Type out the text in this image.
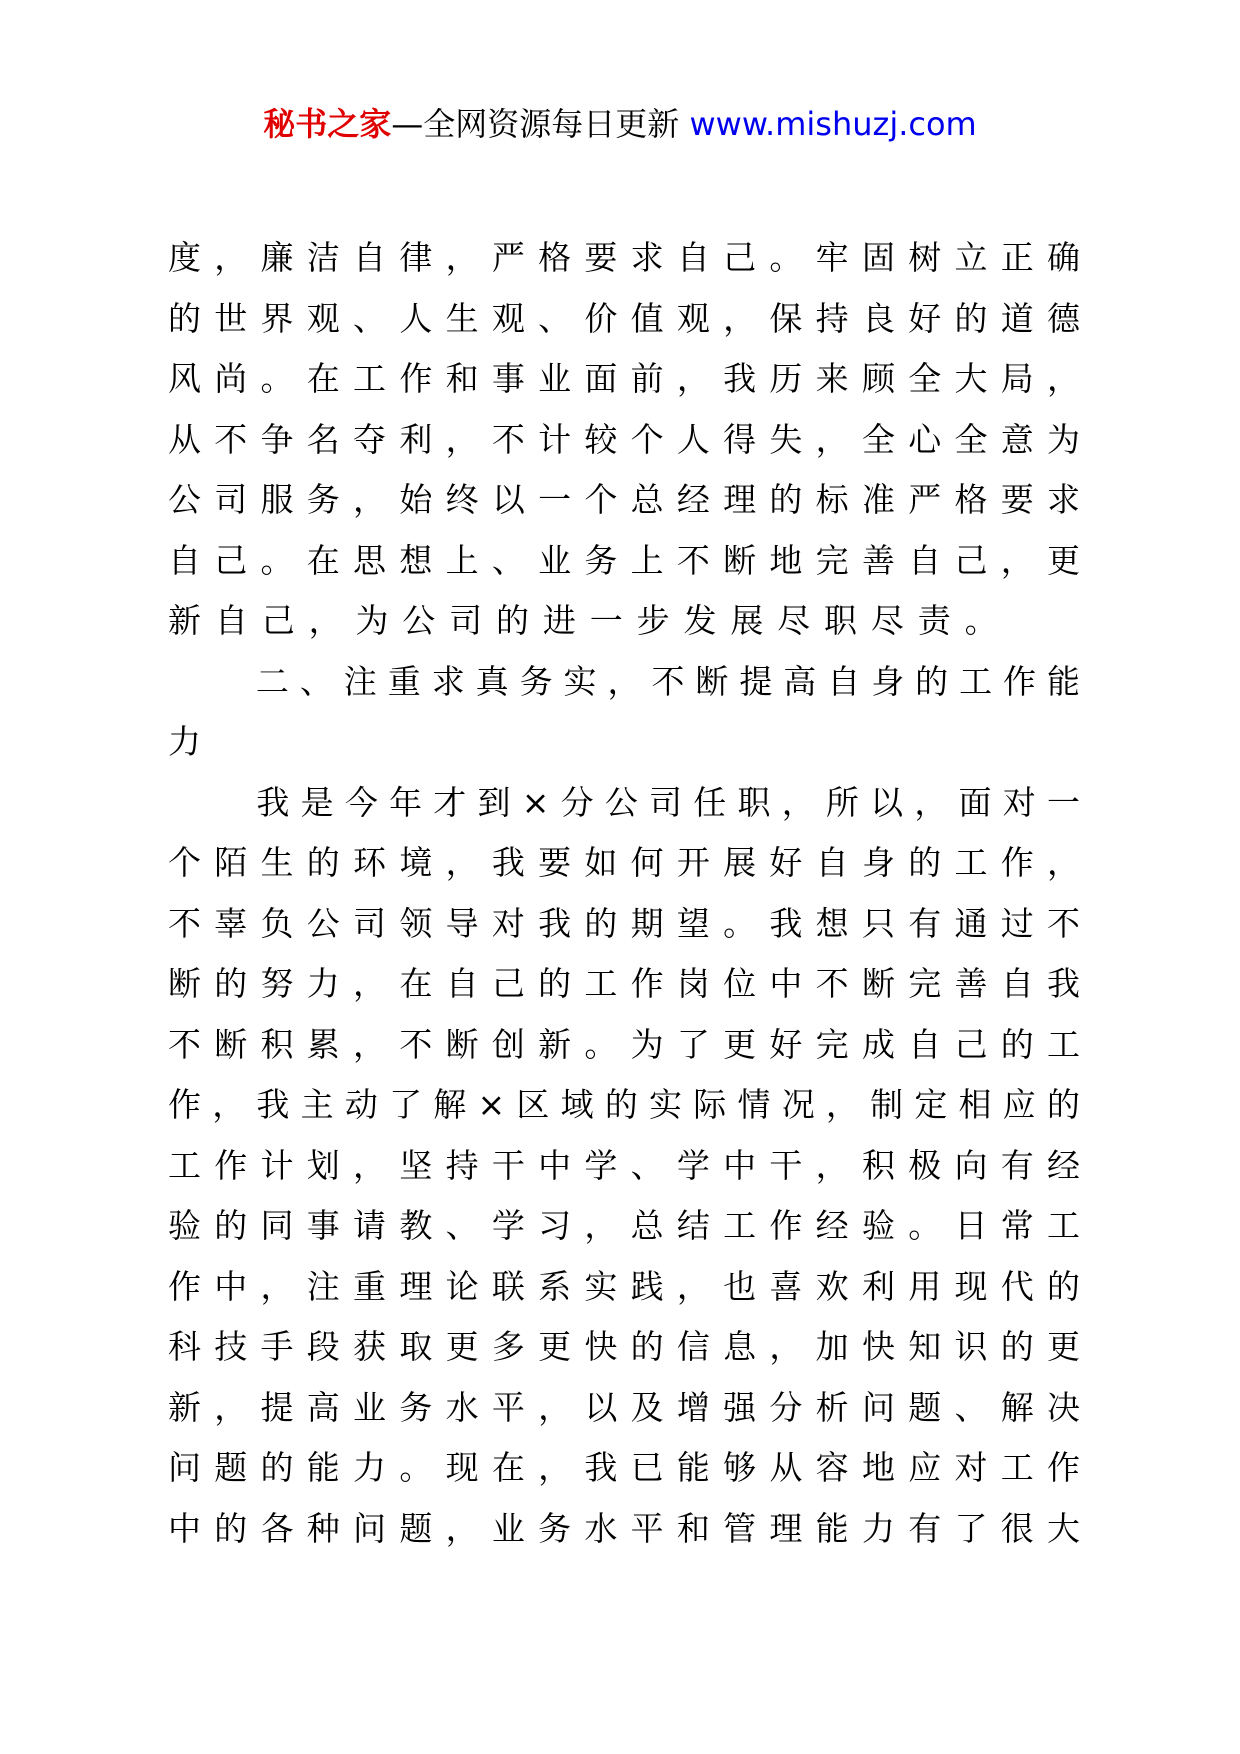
秘书之家—全网资源每日更新 www.mishuzj.com
度，廉洁自律，严格要求自己。牢固树立正确
的世界观、人生观、价值观，保持良好的道德
风尚。在工作和事业面前，我历来顾全大局，
从不争名夺利，不计较个人得失，全心全意为
公司服务，始终以一个总经理的标准严格要求
自己。在思想上、业务上不断地完善自己，更
新自己，为公司的进一步发展尽职尽责。
　　二、注重求真务实，不断提高自身的工作能
力
　　我是今年才到×分公司任职，所以，面对一
个陌生的环境，我要如何开展好自身的工作，
不辜负公司领导对我的期望。我想只有通过不
断的努力，在自己的工作岗位中不断完善自我
不断积累，不断创新。为了更好完成自己的工
作，我主动了解×区域的实际情况，制定相应的
工作计划，坚持干中学、学中干，积极向有经
验的同事请教、学习，总结工作经验。日常工
作中，注重理论联系实践，也喜欢利用现代的
科技手段获取更多更快的信息，加快知识的更
新，提高业务水平，以及增强分析问题、解决
问题的能力。现在，我已能够从容地应对工作
中的各种问题，业务水平和管理能力有了很大
